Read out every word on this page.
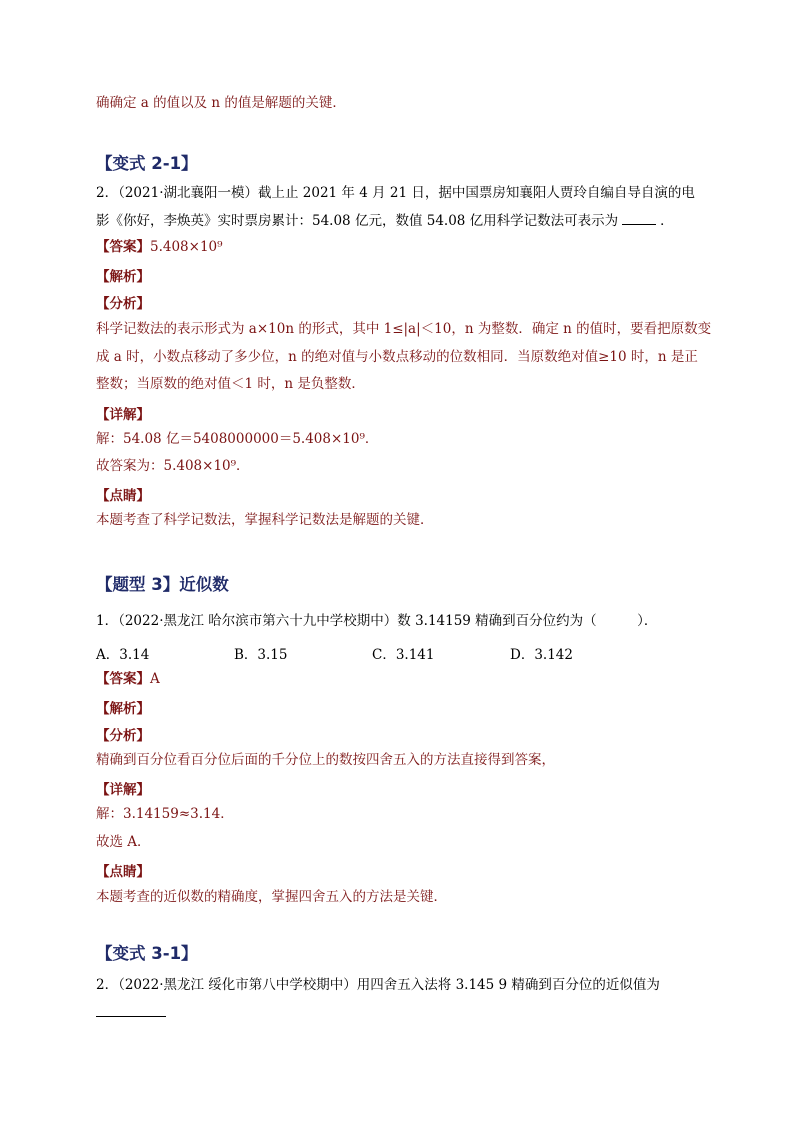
确确定 a 的值以及 n 的值是解题的关键．
【变式 2-1】
2．（2021·湖北襄阳一模）截上止 2021 年 4 月 21 日，据中国票房知襄阳人贾玲自编自导自演的电
影《你好，李焕英》实时票房累计：54.08 亿元，数值 54.08 亿用科学记数法可表示为	．
【答案】5.408×10⁹
【解析】
【分析】
科学记数法的表示形式为 a×10n 的形式，其中 1≤|a|＜10，n 为整数．确定 n 的值时，要看把原数变
成 a 时，小数点移动了多少位，n 的绝对值与小数点移动的位数相同．当原数绝对值≥10 时，n 是正
整数；当原数的绝对值＜1 时，n 是负整数．
【详解】
解：54.08 亿＝5408000000＝5.408×10⁹．
故答案为：5.408×10⁹．
【点睛】
本题考查了科学记数法，掌握科学记数法是解题的关键．
【题型 3】近似数
1．（2022·黑龙江 哈尔滨市第六十九中学校期中）数 3.14159 精确到百分位约为（　　　）．
A．3.14	B．3.15	C．3.141	D．3.142
【答案】A
【解析】
【分析】
精确到百分位看百分位后面的千分位上的数按四舍五入的方法直接得到答案，
【详解】
解：3.14159≈3.14．
故选 A．
【点睛】
本题考查的近似数的精确度，掌握四舍五入的方法是关键．
【变式 3-1】
2．（2022·黑龙江 绥化市第八中学校期中）用四舍五入法将 3.145 9 精确到百分位的近似值为
